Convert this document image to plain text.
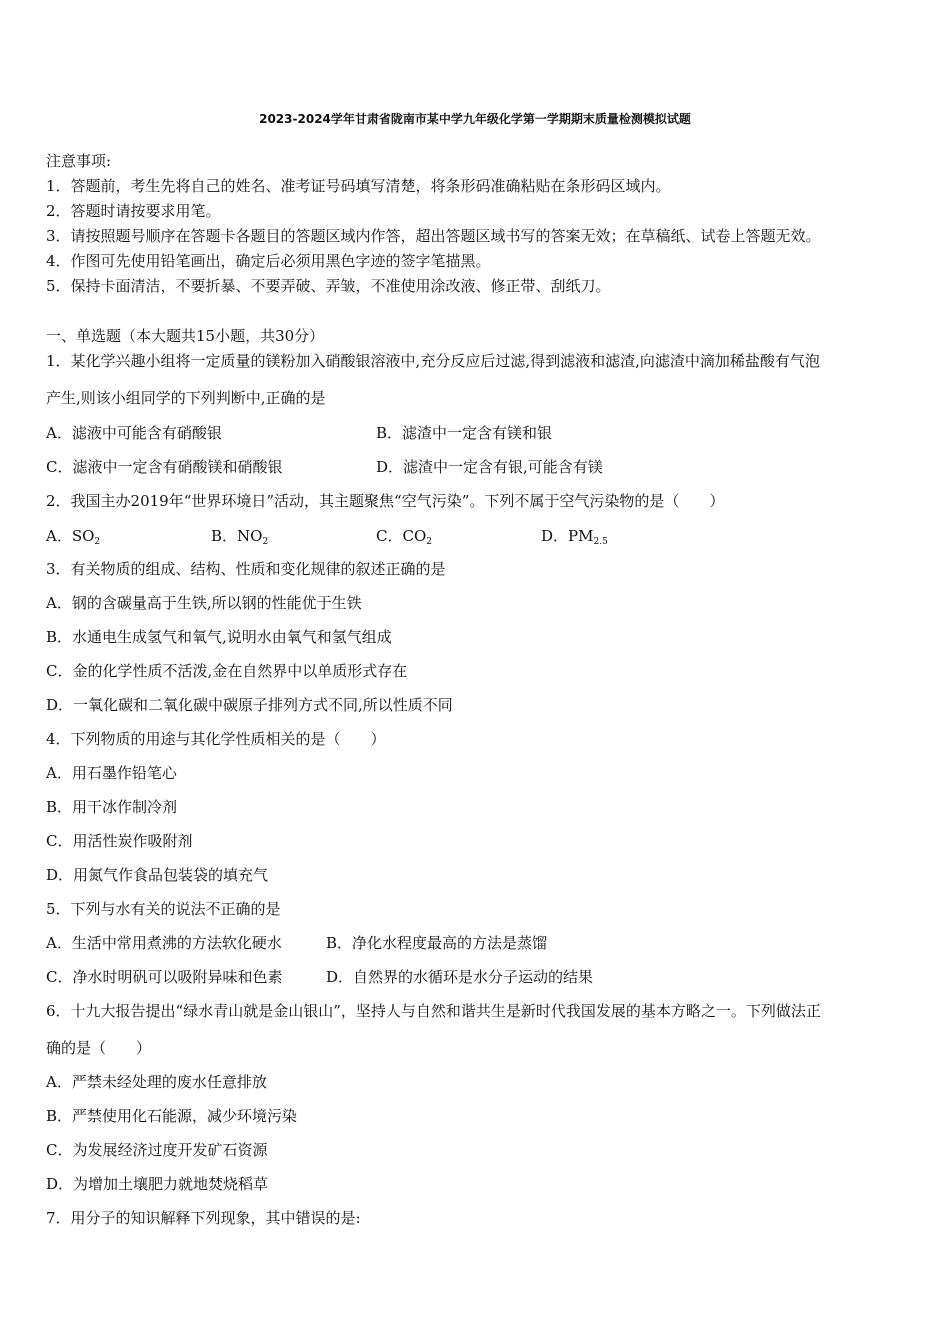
2023-2024学年甘肃省陇南市某中学九年级化学第一学期期末质量检测模拟试题
注意事项:
1．答题前，考生先将自己的姓名、准考证号码填写清楚，将条形码准确粘贴在条形码区域内。
2．答题时请按要求用笔。
3．请按照题号顺序在答题卡各题目的答题区域内作答，超出答题区域书写的答案无效；在草稿纸、试卷上答题无效。
4．作图可先使用铅笔画出，确定后必须用黑色字迹的签字笔描黑。
5．保持卡面清洁，不要折暴、不要弄破、弄皱，不准使用涂改液、修正带、刮纸刀。
一、单选题（本大题共15小题，共30分）
1．某化学兴趣小组将一定质量的镁粉加入硝酸银溶液中,充分反应后过滤,得到滤液和滤渣,向滤渣中滴加稀盐酸有气泡
产生,则该小组同学的下列判断中,正确的是
A．滤液中可能含有硝酸银	B．滤渣中一定含有镁和银
C．滤液中一定含有硝酸镁和硝酸银	D．滤渣中一定含有银,可能含有镁
2．我国主办2019年“世界环境日”活动，其主题聚焦“空气污染”。下列不属于空气污染物的是（　　）
A．$SO_2$	B．$NO_2$	C．$CO_2$	D．$PM_{2.5}$
3．有关物质的组成、结构、性质和变化规律的叙述正确的是
A．钢的含碳量高于生铁,所以钢的性能优于生铁
B．水通电生成氢气和氧气,说明水由氧气和氢气组成
C．金的化学性质不活泼,金在自然界中以单质形式存在
D．一氧化碳和二氧化碳中碳原子排列方式不同,所以性质不同
4．下列物质的用途与其化学性质相关的是（　　）
A．用石墨作铅笔心
B．用干冰作制冷剂
C．用活性炭作吸附剂
D．用氮气作食品包装袋的填充气
5．下列与水有关的说法不正确的是
A．生活中常用煮沸的方法软化硬水	B．净化水程度最高的方法是蒸馏
C．净水时明矾可以吸附异味和色素	D．自然界的水循环是水分子运动的结果
6．十九大报告提出“绿水青山就是金山银山”，坚持人与自然和谐共生是新时代我国发展的基本方略之一。下列做法正
确的是（　　）
A．严禁未经处理的废水任意排放
B．严禁使用化石能源，减少环境污染
C．为发展经济过度开发矿石资源
D．为增加土壤肥力就地焚烧稻草
7．用分子的知识解释下列现象，其中错误的是:
